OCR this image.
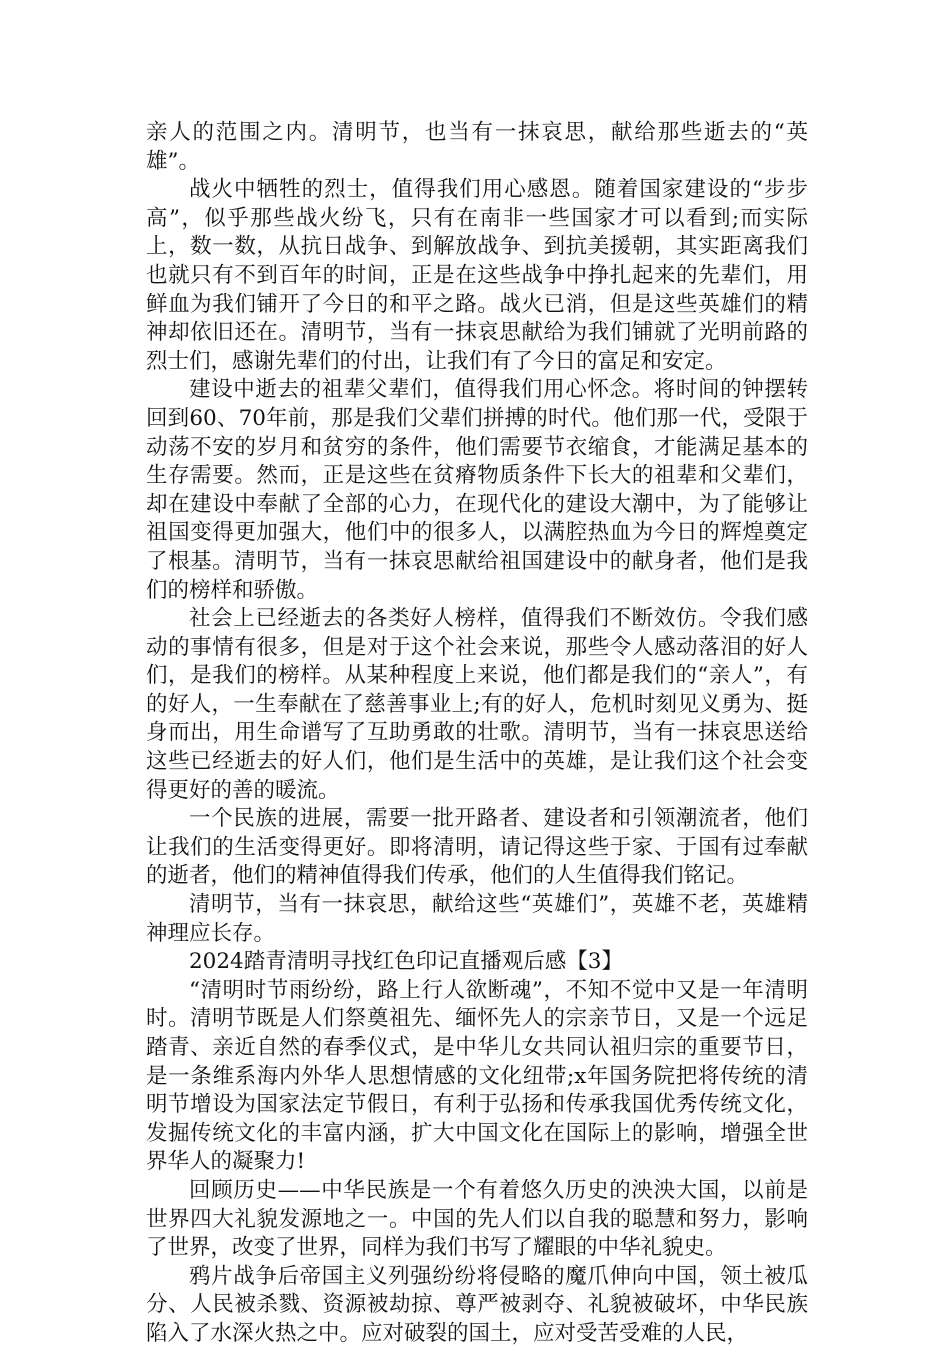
亲人的范围之内。清明节，也当有一抹哀思，献给那些逝去的“英雄”。

战火中牺牲的烈士，值得我们用心感恩。随着国家建设的“步步高”，似乎那些战火纷飞，只有在南非一些国家才可以看到;而实际上，数一数，从抗日战争、到解放战争、到抗美援朝，其实距离我们也就只有不到百年的时间，正是在这些战争中挣扎起来的先辈们，用鲜血为我们铺开了今日的和平之路。战火已消，但是这些英雄们的精神却依旧还在。清明节，当有一抹哀思献给为我们铺就了光明前路的烈士们，感谢先辈们的付出，让我们有了今日的富足和安定。

建设中逝去的祖辈父辈们，值得我们用心怀念。将时间的钟摆转回到60、70年前，那是我们父辈们拼搏的时代。他们那一代，受限于动荡不安的岁月和贫穷的条件，他们需要节衣缩食，才能满足基本的生存需要。然而，正是这些在贫瘠物质条件下长大的祖辈和父辈们，却在建设中奉献了全部的心力，在现代化的建设大潮中，为了能够让祖国变得更加强大，他们中的很多人，以满腔热血为今日的辉煌奠定了根基。清明节，当有一抹哀思献给祖国建设中的献身者，他们是我们的榜样和骄傲。

社会上已经逝去的各类好人榜样，值得我们不断效仿。令我们感动的事情有很多，但是对于这个社会来说，那些令人感动落泪的好人们，是我们的榜样。从某种程度上来说，他们都是我们的“亲人”，有的好人，一生奉献在了慈善事业上;有的好人，危机时刻见义勇为、挺身而出，用生命谱写了互助勇敢的壮歌。清明节，当有一抹哀思送给这些已经逝去的好人们，他们是生活中的英雄，是让我们这个社会变得更好的善的暖流。

一个民族的进展，需要一批开路者、建设者和引领潮流者，他们让我们的生活变得更好。即将清明，请记得这些于家、于国有过奉献的逝者，他们的精神值得我们传承，他们的人生值得我们铭记。

清明节，当有一抹哀思，献给这些“英雄们”，英雄不老，英雄精神理应长存。

2024踏青清明寻找红色印记直播观后感【3】

“清明时节雨纷纷，路上行人欲断魂”，不知不觉中又是一年清明时。清明节既是人们祭奠祖先、缅怀先人的宗亲节日，又是一个远足踏青、亲近自然的春季仪式，是中华儿女共同认祖归宗的重要节日，是一条维系海内外华人思想情感的文化纽带;x年国务院把将传统的清明节增设为国家法定节假日，有利于弘扬和传承我国优秀传统文化，发掘传统文化的丰富内涵，扩大中国文化在国际上的影响，增强全世界华人的凝聚力!

回顾历史——中华民族是一个有着悠久历史的泱泱大国，以前是世界四大礼貌发源地之一。中国的先人们以自我的聪慧和努力，影响了世界，改变了世界，同样为我们书写了耀眼的中华礼貌史。

鸦片战争后帝国主义列强纷纷将侵略的魔爪伸向中国，领土被瓜分、人民被杀戮、资源被劫掠、尊严被剥夺、礼貌被破坏，中华民族陷入了水深火热之中。应对破裂的国土，应对受苦受难的人民，
